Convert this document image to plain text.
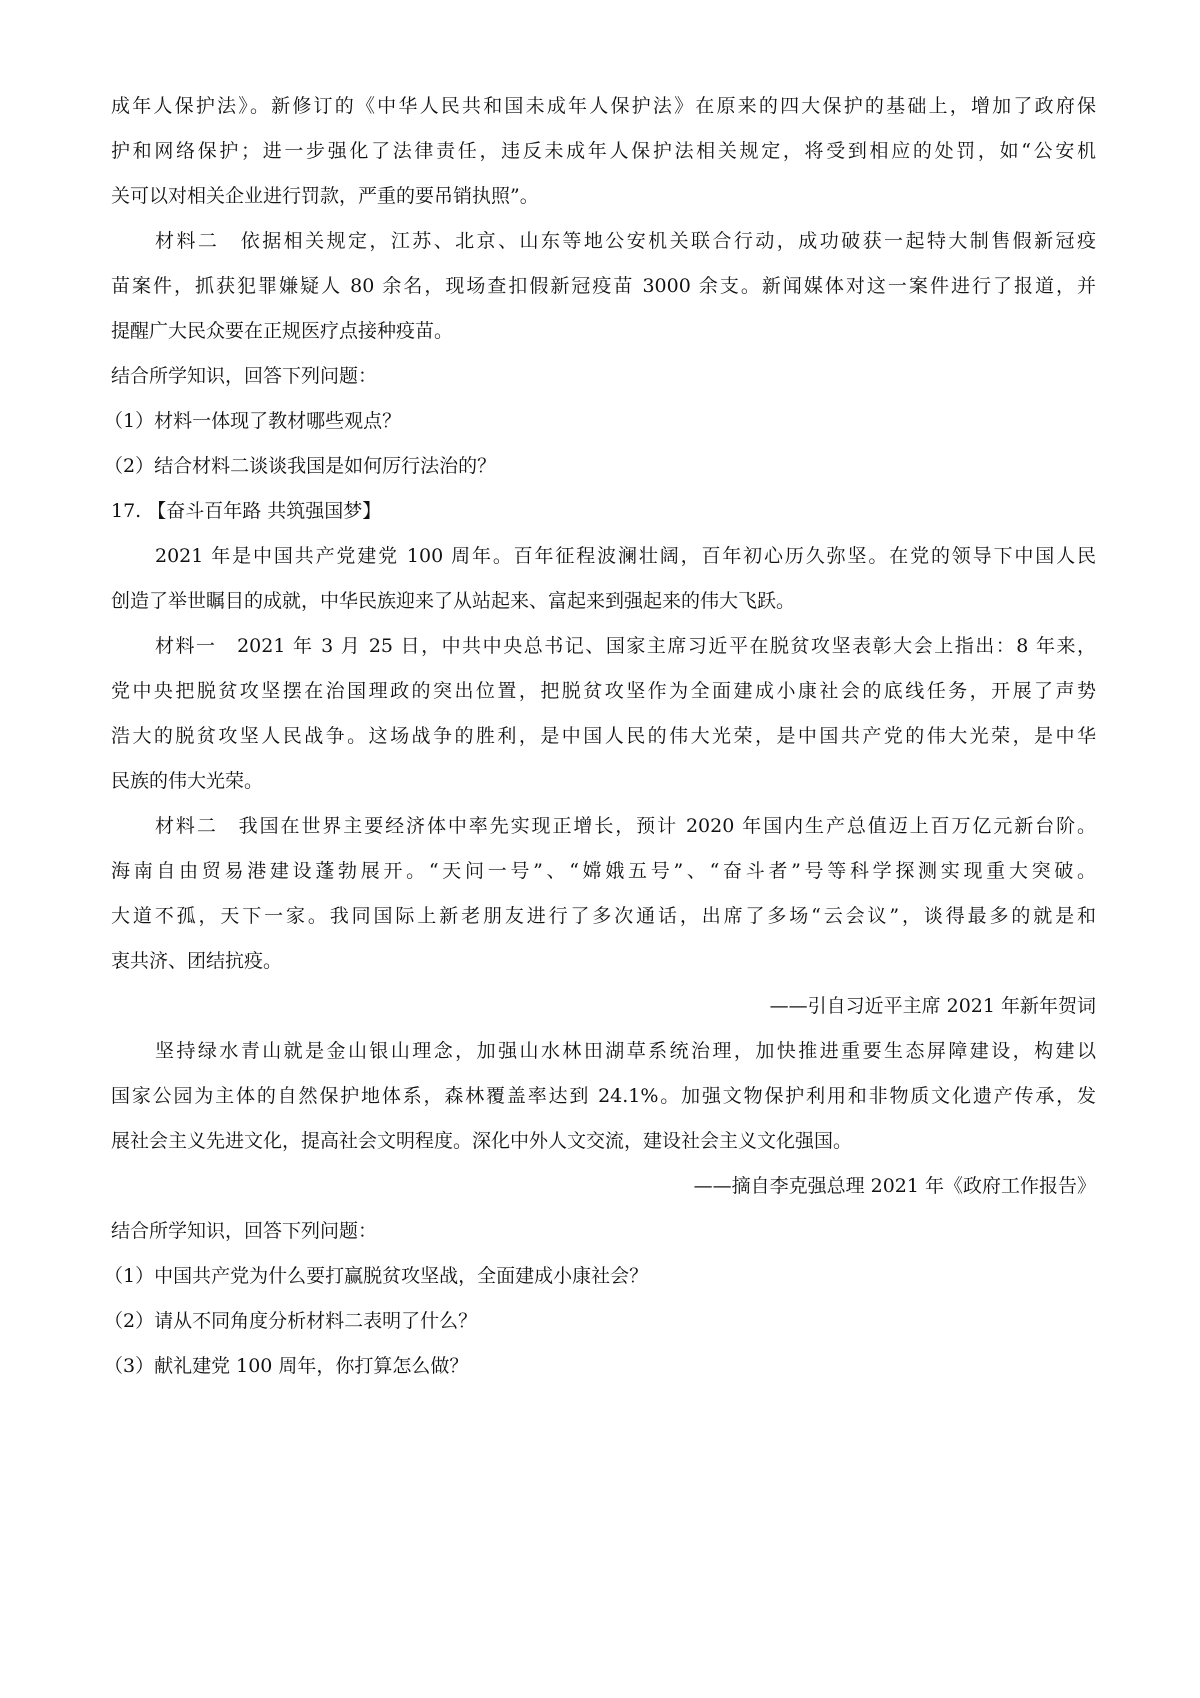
成年人保护法》。新修订的《中华人民共和国未成年人保护法》在原来的四大保护的基础上，增加了政府保
护和网络保护；进一步强化了法律责任，违反未成年人保护法相关规定，将受到相应的处罚，如“公安机
关可以对相关企业进行罚款，严重的要吊销执照”。
材料二　依据相关规定，江苏、北京、山东等地公安机关联合行动，成功破获一起特大制售假新冠疫
苗案件，抓获犯罪嫌疑人 80 余名，现场查扣假新冠疫苗 3000 余支。新闻媒体对这一案件进行了报道，并
提醒广大民众要在正规医疗点接种疫苗。
结合所学知识，回答下列问题：
（1）材料一体现了教材哪些观点？
（2）结合材料二谈谈我国是如何厉行法治的？
17. 【奋斗百年路 共筑强国梦】
2021 年是中国共产党建党 100 周年。百年征程波澜壮阔，百年初心历久弥坚。在党的领导下中国人民
创造了举世瞩目的成就，中华民族迎来了从站起来、富起来到强起来的伟大飞跃。
材料一　2021 年 3 月 25 日，中共中央总书记、国家主席习近平在脱贫攻坚表彰大会上指出：8 年来，
党中央把脱贫攻坚摆在治国理政的突出位置，把脱贫攻坚作为全面建成小康社会的底线任务，开展了声势
浩大的脱贫攻坚人民战争。这场战争的胜利，是中国人民的伟大光荣，是中国共产党的伟大光荣，是中华
民族的伟大光荣。
材料二　我国在世界主要经济体中率先实现正增长，预计 2020 年国内生产总值迈上百万亿元新台阶。
海南自由贸易港建设蓬勃展开。“天问一号”、“嫦娥五号”、“奋斗者”号等科学探测实现重大突破。
大道不孤，天下一家。我同国际上新老朋友进行了多次通话，出席了多场“云会议”，谈得最多的就是和
衷共济、团结抗疫。
——引自习近平主席 2021 年新年贺词
坚持绿水青山就是金山银山理念，加强山水林田湖草系统治理，加快推进重要生态屏障建设，构建以
国家公园为主体的自然保护地体系，森林覆盖率达到 24.1%。加强文物保护利用和非物质文化遗产传承，发
展社会主义先进文化，提高社会文明程度。深化中外人文交流，建设社会主义文化强国。
——摘自李克强总理 2021 年《政府工作报告》
结合所学知识，回答下列问题：
（1）中国共产党为什么要打赢脱贫攻坚战，全面建成小康社会？
（2）请从不同角度分析材料二表明了什么？
（3）献礼建党 100 周年，你打算怎么做？
